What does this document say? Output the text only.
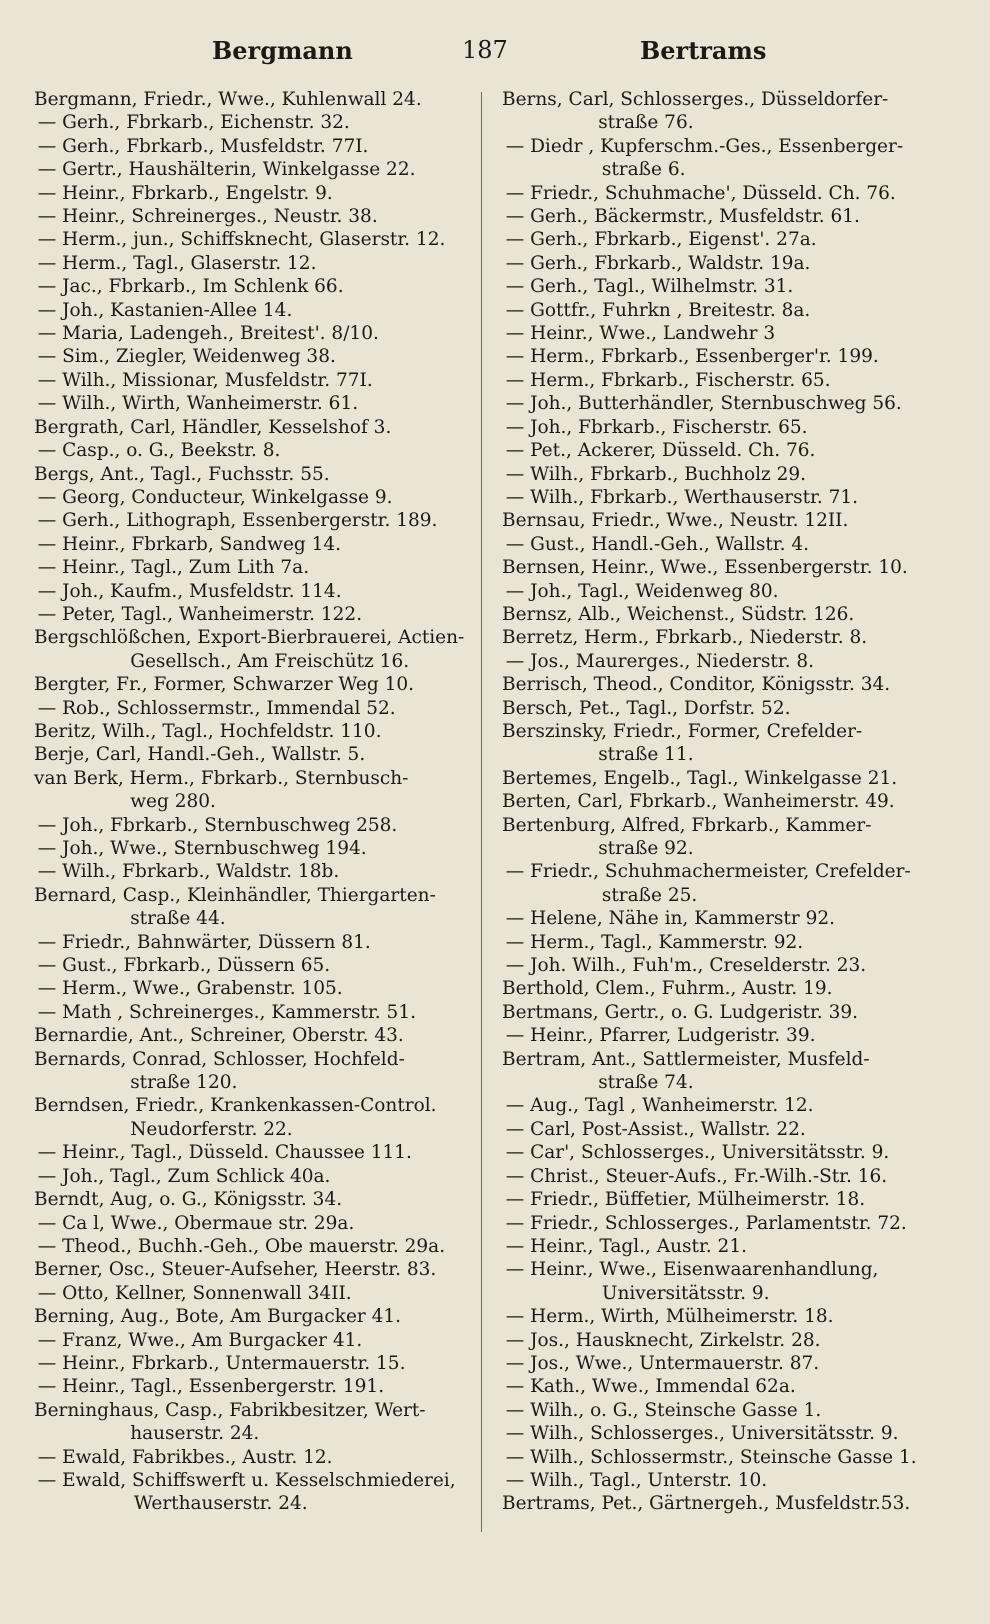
Bergmann	187	Bertrams
Bergmann, Friedr., Wwe., Kuhlenwall 24.
— Gerh., Fbrkarb., Eichenstr. 32.
— Gerh., Fbrkarb., Musfeldstr. 77I.
— Gertr., Haushälterin, Winkelgasse 22.
— Heinr., Fbrkarb., Engelstr. 9.
— Heinr., Schreinerges., Neustr. 38.
— Herm., jun., Schiffsknecht, Glaserstr. 12.
— Herm., Tagl., Glaserstr. 12.
— Jac., Fbrkarb., Im Schlenk 66.
— Joh., Kastanien-Allee 14.
— Maria, Ladengeh., Breitest'. 8/10.
— Sim., Ziegler, Weidenweg 38.
— Wilh., Missionar, Musfeldstr. 77I.
— Wilh., Wirth, Wanheimerstr. 61.
Bergrath, Carl, Händler, Kesselshof 3.
— Casp., o. G., Beekstr. 8.
Bergs, Ant., Tagl., Fuchsstr. 55.
— Georg, Conducteur, Winkelgasse 9.
— Gerh., Lithograph, Essenbergerstr. 189.
— Heinr., Fbrkarb, Sandweg 14.
— Heinr., Tagl., Zum Lith 7a.
— Joh., Kaufm., Musfeldstr. 114.
— Peter, Tagl., Wanheimerstr. 122.
Bergschlößchen, Export-Bierbrauerei, Actien-
Gesellsch., Am Freischütz 16.
Bergter, Fr., Former, Schwarzer Weg 10.
— Rob., Schlossermstr., Immendal 52.
Beritz, Wilh., Tagl., Hochfeldstr. 110.
Berje, Carl, Handl.-Geh., Wallstr. 5.
van Berk, Herm., Fbrkarb., Sternbusch-
weg 280.
— Joh., Fbrkarb., Sternbuschweg 258.
— Joh., Wwe., Sternbuschweg 194.
— Wilh., Fbrkarb., Waldstr. 18b.
Bernard, Casp., Kleinhändler, Thiergarten-
straße 44.
— Friedr., Bahnwärter, Düssern 81.
— Gust., Fbrkarb., Düssern 65.
— Herm., Wwe., Grabenstr. 105.
— Math , Schreinerges., Kammerstr. 51.
Bernardie, Ant., Schreiner, Oberstr. 43.
Bernards, Conrad, Schlosser, Hochfeld-
straße 120.
Berndsen, Friedr., Krankenkassen-Control.
Neudorferstr. 22.
— Heinr., Tagl., Düsseld. Chaussee 111.
— Joh., Tagl., Zum Schlick 40a.
Berndt, Aug, o. G., Königsstr. 34.
— Ca l, Wwe., Obermaue str. 29a.
— Theod., Buchh.-Geh., Obe mauerstr. 29a.
Berner, Osc., Steuer-Aufseher, Heerstr. 83.
— Otto, Kellner, Sonnenwall 34II.
Berning, Aug., Bote, Am Burgacker 41.
— Franz, Wwe., Am Burgacker 41.
— Heinr., Fbrkarb., Untermauerstr. 15.
— Heinr., Tagl., Essenbergerstr. 191.
Berninghaus, Casp., Fabrikbesitzer, Wert-
hauserstr. 24.
— Ewald, Fabrikbes., Austr. 12.
— Ewald, Schiffswerft u. Kesselschmiederei,
Werthauserstr. 24.
Berns, Carl, Schlosserges., Düsseldorfer-
straße 76.
— Diedr , Kupferschm.-Ges., Essenberger-
straße 6.
— Friedr., Schuhmache', Düsseld. Ch. 76.
— Gerh., Bäckermstr., Musfeldstr. 61.
— Gerh., Fbrkarb., Eigenst'. 27a.
— Gerh., Fbrkarb., Waldstr. 19a.
— Gerh., Tagl., Wilhelmstr. 31.
— Gottfr., Fuhrkn , Breitestr. 8a.
— Heinr., Wwe., Landwehr 3
— Herm., Fbrkarb., Essenberger'r. 199.
— Herm., Fbrkarb., Fischerstr. 65.
— Joh., Butterhändler, Sternbuschweg 56.
— Joh., Fbrkarb., Fischerstr. 65.
— Pet., Ackerer, Düsseld. Ch. 76.
— Wilh., Fbrkarb., Buchholz 29.
— Wilh., Fbrkarb., Werthauserstr. 71.
Bernsau, Friedr., Wwe., Neustr. 12II.
— Gust., Handl.-Geh., Wallstr. 4.
Bernsen, Heinr., Wwe., Essenbergerstr. 10.
— Joh., Tagl., Weidenweg 80.
Bernsz, Alb., Weichenst., Südstr. 126.
Berretz, Herm., Fbrkarb., Niederstr. 8.
— Jos., Maurerges., Niederstr. 8.
Berrisch, Theod., Conditor, Königsstr. 34.
Bersch, Pet., Tagl., Dorfstr. 52.
Berszinsky, Friedr., Former, Crefelder-
straße 11.
Bertemes, Engelb., Tagl., Winkelgasse 21.
Berten, Carl, Fbrkarb., Wanheimerstr. 49.
Bertenburg, Alfred, Fbrkarb., Kammer-
straße 92.
— Friedr., Schuhmachermeister, Crefelder-
straße 25.
— Helene, Nähe in, Kammerstr 92.
— Herm., Tagl., Kammerstr. 92.
— Joh. Wilh., Fuh'm., Creselderstr. 23.
Berthold, Clem., Fuhrm., Austr. 19.
Bertmans, Gertr., o. G. Ludgeristr. 39.
— Heinr., Pfarrer, Ludgeristr. 39.
Bertram, Ant., Sattlermeister, Musfeld-
straße 74.
— Aug., Tagl , Wanheimerstr. 12.
— Carl, Post-Assist., Wallstr. 22.
— Car', Schlosserges., Universitätsstr. 9.
— Christ., Steuer-Aufs., Fr.-Wilh.-Str. 16.
— Friedr., Büffetier, Mülheimerstr. 18.
— Friedr., Schlosserges., Parlamentstr. 72.
— Heinr., Tagl., Austr. 21.
— Heinr., Wwe., Eisenwaarenhandlung,
Universitätsstr. 9.
— Herm., Wirth, Mülheimerstr. 18.
— Jos., Hausknecht, Zirkelstr. 28.
— Jos., Wwe., Untermauerstr. 87.
— Kath., Wwe., Immendal 62a.
— Wilh., o. G., Steinsche Gasse 1.
— Wilh., Schlosserges., Universitätsstr. 9.
— Wilh., Schlossermstr., Steinsche Gasse 1.
— Wilh., Tagl., Unterstr. 10.
Bertrams, Pet., Gärtnergeh., Musfeldstr.53.
